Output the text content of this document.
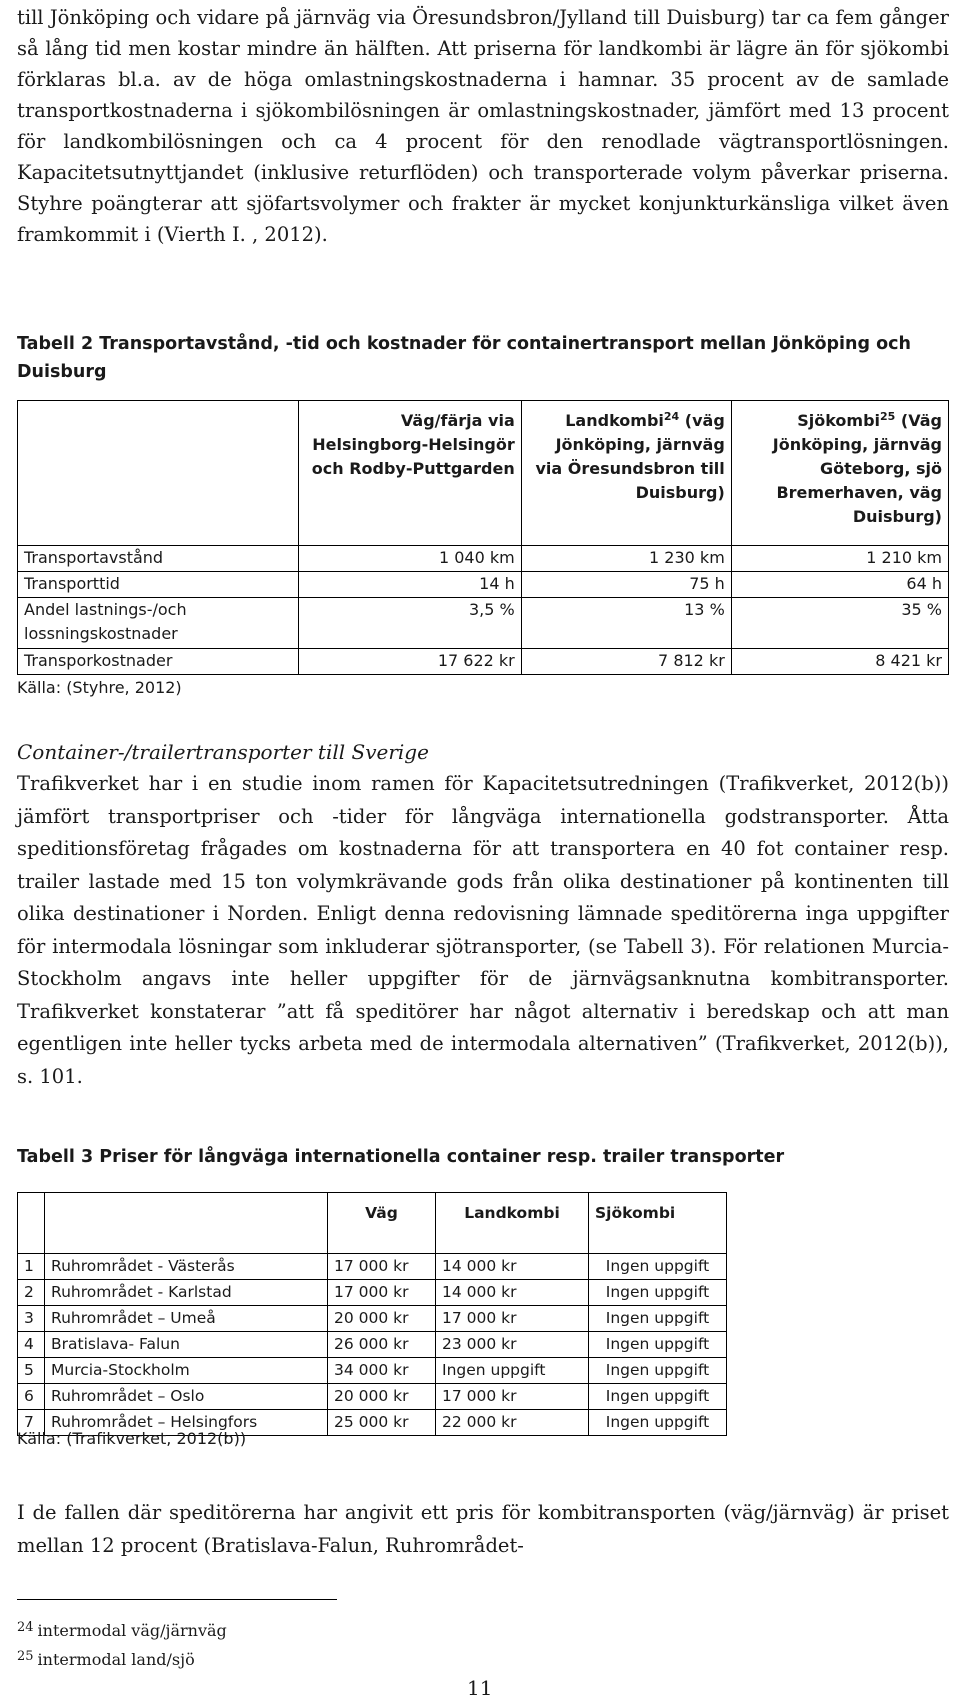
till Jönköping och vidare på järnväg via Öresundsbron/Jylland till Duisburg) tar ca fem gånger så lång tid men kostar mindre än hälften. Att priserna för landkombi är lägre än för sjökombi förklaras bl.a. av de höga omlastningskostnaderna i hamnar. 35 procent av de samlade transportkostnaderna i sjökombilösningen är omlastningskostnader, jämfört med 13 procent för landkombilösningen och ca 4 procent för den renodlade vägtransportlösningen. Kapacitetsutnyttjandet (inklusive returflöden) och transporterade volym påverkar priserna. Styhre poängterar att sjöfartsvolymer och frakter är mycket konjunkturkänsliga vilket även framkommit i (Vierth I. , 2012).

Tabell 2 Transportavstånd, -tid och kostnader för containertransport mellan Jönköping och Duisburg

	Väg/färja via Helsingborg-Helsingör och Rodby-Puttgarden	Landkombi$^{24}$ (väg Jönköping, järnväg via Öresundsbron till Duisburg)	Sjökombi$^{25}$ (Väg Jönköping, järnväg Göteborg, sjö Bremerhaven, väg Duisburg)
Transportavstånd	1 040 km	1 230 km	1 210 km
Transporttid	14 h	75 h	64 h
Andel lastnings-/och lossningskostnader	3,5 %	13 %	35 %
Transporkostnader	17 622 kr	7 812 kr	8 421 kr

Källa: (Styhre, 2012)

Container-/trailertransporter till Sverige

Trafikverket har i en studie inom ramen för Kapacitetsutredningen (Trafikverket, 2012(b)) jämfört transportpriser och -tider för långväga internationella godstransporter. Åtta speditionsföretag frågades om kostnaderna för att transportera en 40 fot container resp. trailer lastade med 15 ton volymkrävande gods från olika destinationer på kontinenten till olika destinationer i Norden. Enligt denna redovisning lämnade speditörerna inga uppgifter för intermodala lösningar som inkluderar sjötransporter, (se Tabell 3). För relationen Murcia-Stockholm angavs inte heller uppgifter för de järnvägsanknutna kombitransporter. Trafikverket konstaterar ”att få speditörer har något alternativ i beredskap och att man egentligen inte heller tycks arbeta med de intermodala alternativen” (Trafikverket, 2012(b)), s. 101.

Tabell 3 Priser för långväga internationella container resp. trailer transporter

		Väg	Landkombi	Sjökombi
1	Ruhrområdet - Västerås	17 000 kr	14 000 kr	Ingen uppgift
2	Ruhrområdet - Karlstad	17 000 kr	14 000 kr	Ingen uppgift
3	Ruhrområdet – Umeå	20 000 kr	17 000 kr	Ingen uppgift
4	Bratislava- Falun	26 000 kr	23 000 kr	Ingen uppgift
5	Murcia-Stockholm	34 000 kr	Ingen uppgift	Ingen uppgift
6	Ruhrområdet – Oslo	20 000 kr	17 000 kr	Ingen uppgift
7	Ruhrområdet – Helsingfors	25 000 kr	22 000 kr	Ingen uppgift

Källa: (Trafikverket, 2012(b))

I de fallen där speditörerna har angivit ett pris för kombitransporten (väg/järnväg) är priset mellan 12 procent (Bratislava-Falun, Ruhrområdet-

$^{24}$ intermodal väg/järnväg

$^{25}$ intermodal land/sjö

11
